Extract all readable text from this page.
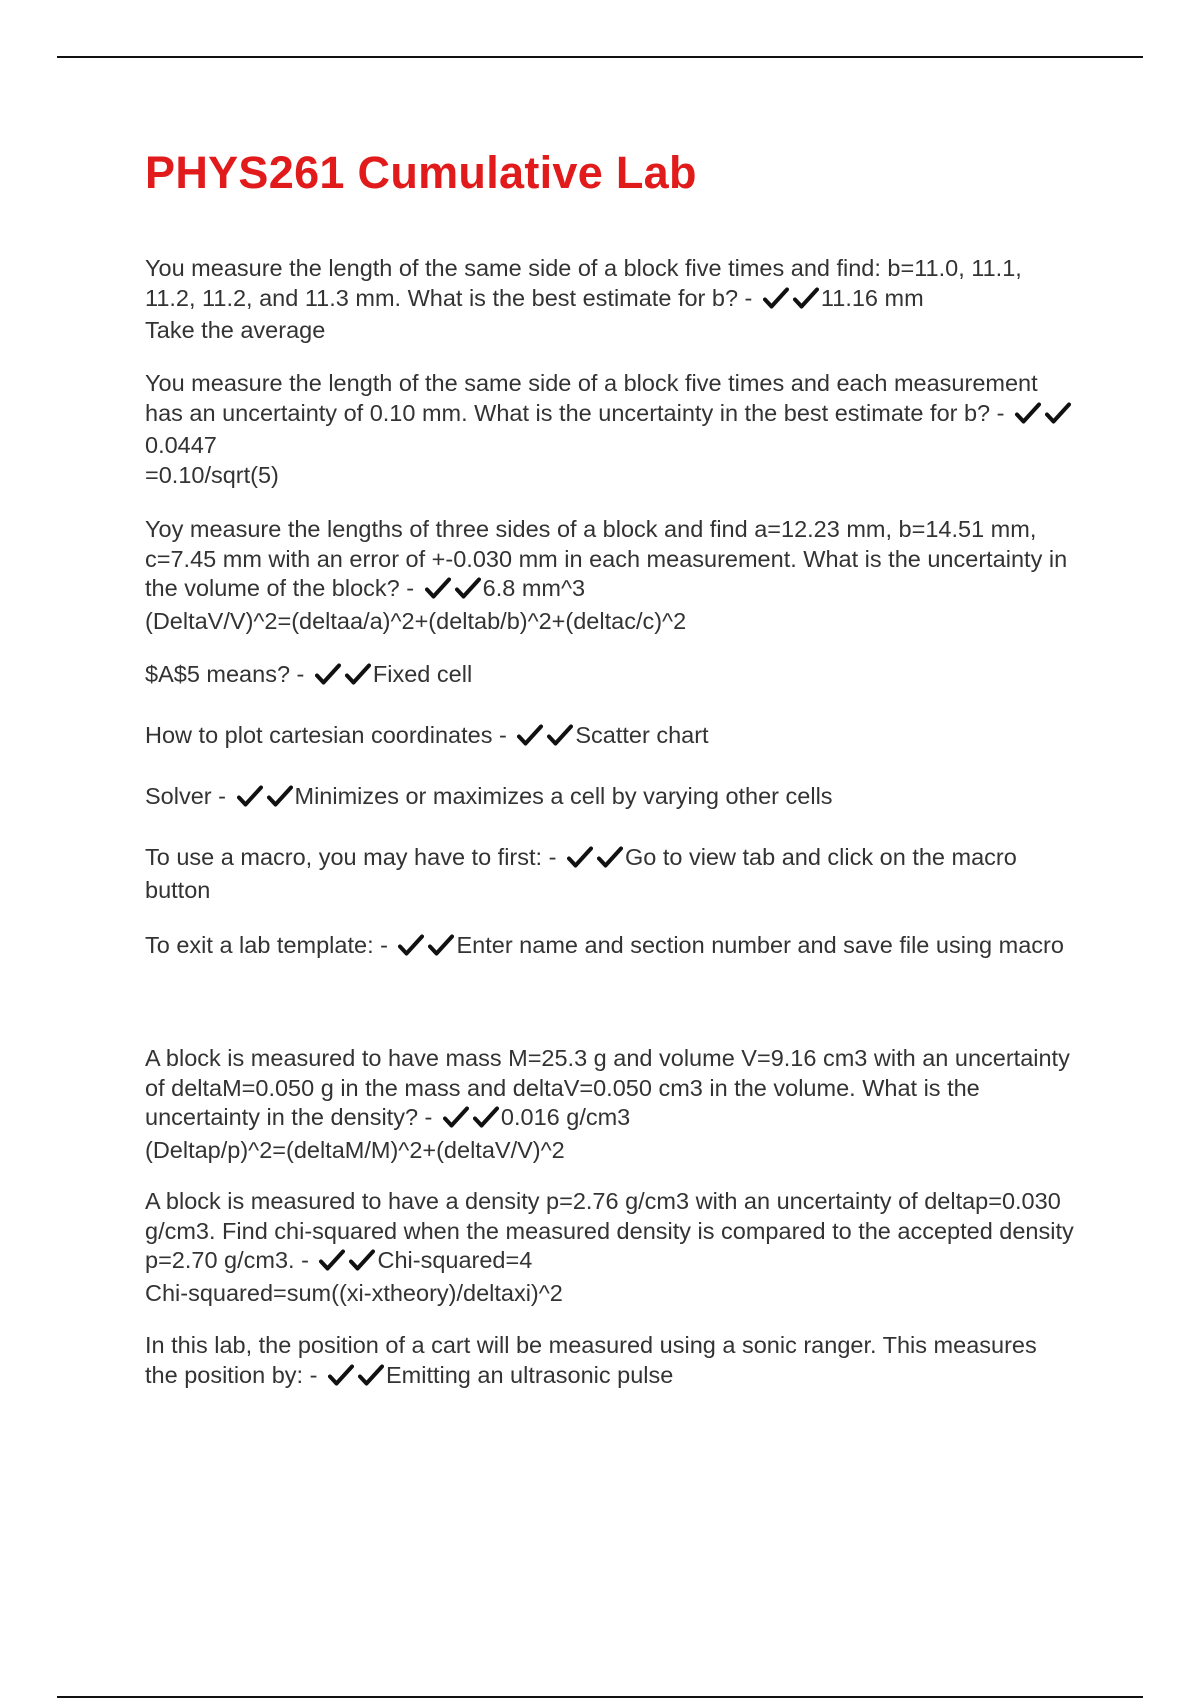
PHYS261 Cumulative Lab

You measure the length of the same side of a block five times and find: b=11.0, 11.1, 11.2, 11.2, and 11.3 mm. What is the best estimate for b? -	11.16 mm
Take the average

You measure the length of the same side of a block five times and each measurement has an uncertainty of 0.10 mm. What is the uncertainty in the best estimate for b? - 0.0447
=0.10/sqrt(5)

Yoy measure the lengths of three sides of a block and find a=12.23 mm, b=14.51 mm, c=7.45 mm with an error of +-0.030 mm in each measurement. What is the uncertainty in the volume of the block? -	6.8 mm^3
(DeltaV/V)^2=(deltaa/a)^2+(deltab/b)^2+(deltac/c)^2

$A$5 means? -	Fixed cell

How to plot cartesian coordinates -	Scatter chart

Solver -	Minimizes or maximizes a cell by varying other cells

To use a macro, you may have to first: -	Go to view tab and click on the macro button

To exit a lab template: -	Enter name and section number and save file using macro

A block is measured to have mass M=25.3 g and volume V=9.16 cm3 with an uncertainty of deltaM=0.050 g in the mass and deltaV=0.050 cm3 in the volume. What is the uncertainty in the density? -	0.016 g/cm3
(Deltap/p)^2=(deltaM/M)^2+(deltaV/V)^2

A block is measured to have a density p=2.76 g/cm3 with an uncertainty of deltap=0.030 g/cm3. Find chi-squared when the measured density is compared to the accepted density p=2.70 g/cm3. -	Chi-squared=4
Chi-squared=sum((xi-xtheory)/deltaxi)^2

In this lab, the position of a cart will be measured using a sonic ranger. This measures the position by: -	Emitting an ultrasonic pulse
